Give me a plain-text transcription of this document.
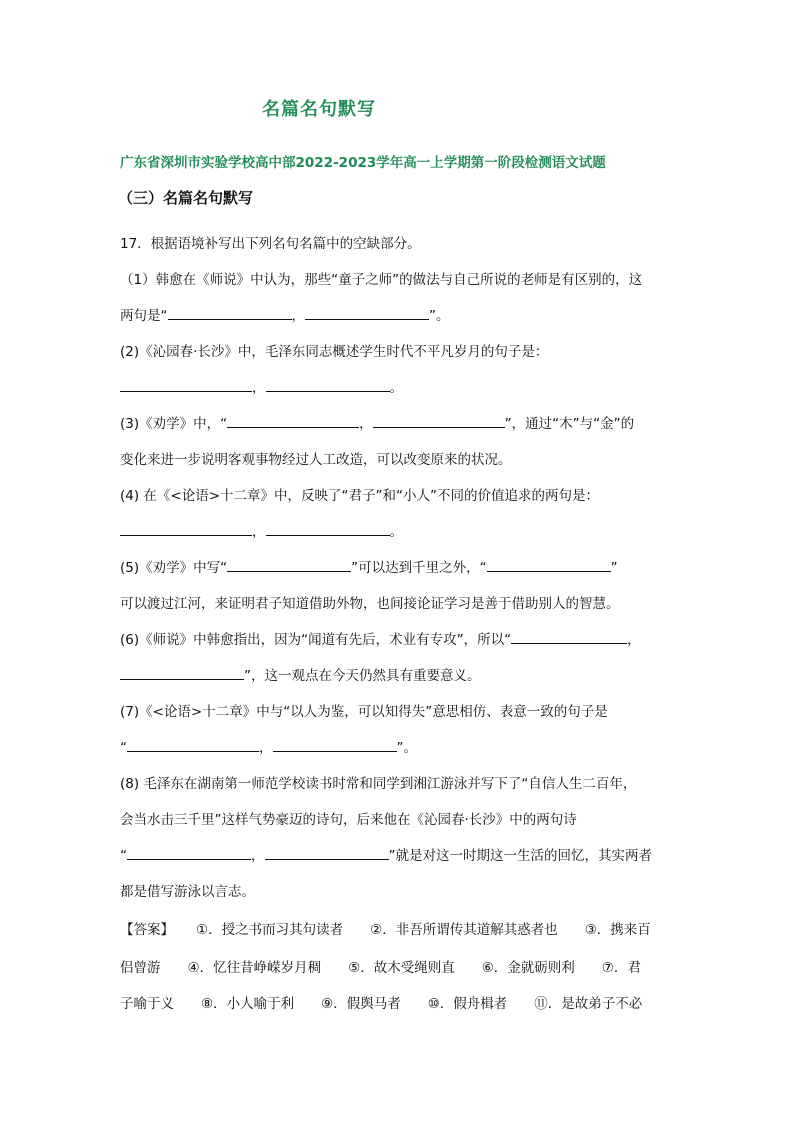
名篇名句默写
广东省深圳市实验学校高中部2022-2023学年高一上学期第一阶段检测语文试题
（三）名篇名句默写
17．根据语境补写出下列名句名篇中的空缺部分。
（1）韩愈在《师说》中认为，那些“童子之师”的做法与自己所说的老师是有区别的，这
两句是“	，	”。
(2)《沁园春·长沙》中，毛泽东同志概述学生时代不平凡岁月的句子是：
，	。
(3)《劝学》中，“	，	”，通过“木”与“金”的
变化来进一步说明客观事物经过人工改造，可以改变原来的状况。
(4) 在《<论语>十二章》中，反映了“君子”和“小人”不同的价值追求的两句是：
，	。
(5)《劝学》中写“	”可以达到千里之外，“	”
可以渡过江河，来证明君子知道借助外物，也间接论证学习是善于借助别人的智慧。
(6)《师说》中韩愈指出，因为“闻道有先后，术业有专攻”，所以“	，
”，这一观点在今天仍然具有重要意义。
(7)《<论语>十二章》中与“以人为鉴，可以知得失”意思相仿、表意一致的句子是
“	，	”。
(8) 毛泽东在湖南第一师范学校读书时常和同学到湘江游泳并写下了“自信人生二百年，
会当水击三千里”这样气势豪迈的诗句，后来他在《沁园春·长沙》中的两句诗
“	，	”就是对这一时期这一生活的回忆，其实两者
都是借写游泳以言志。
【答案】 ①．授之书而习其句读者　　②．非吾所谓传其道解其惑者也　　③．携来百
侣曾游　　④．忆往昔峥嵘岁月稠　　⑤．故木受绳则直　　⑥．金就砺则利　　⑦．君
子喻于义　　⑧．小人喻于利　　⑨．假舆马者　　⑩．假舟楫者　　⑪．是故弟子不必
